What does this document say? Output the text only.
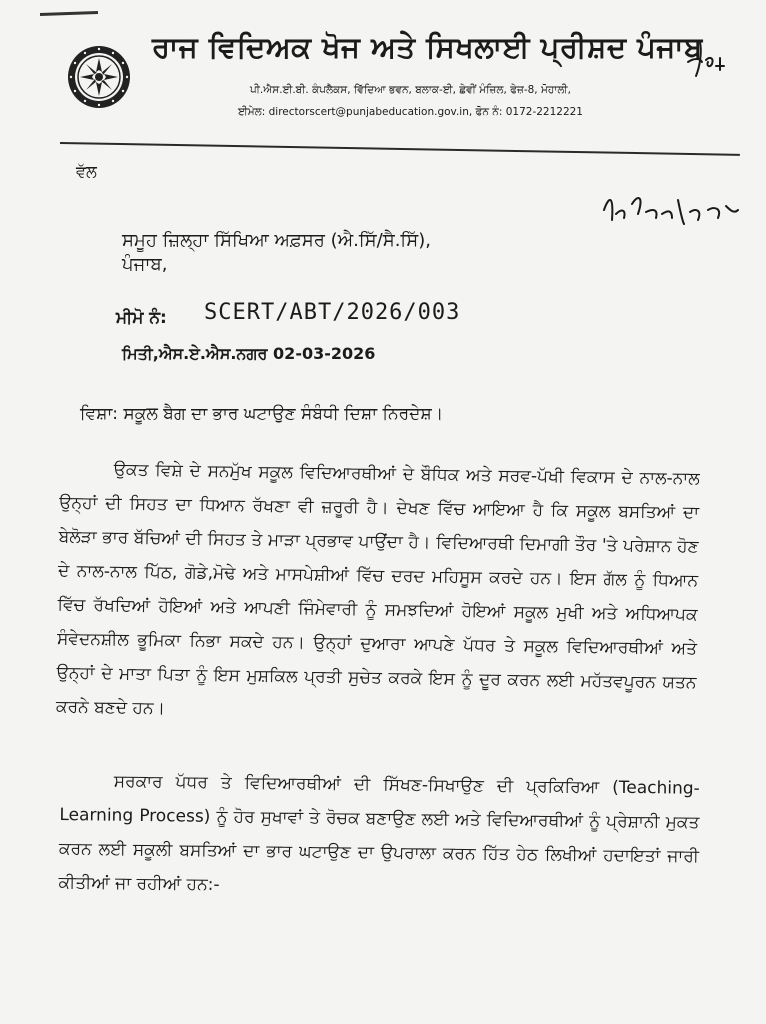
ਰਾਜ ਵਿਦਿਅਕ ਖੋਜ ਅਤੇ ਸਿਖਲਾਈ ਪ੍ਰੀਸ਼ਦ ਪੰਜਾਬ
ਪੀ.ਐਸ.ਈ.ਬੀ. ਕੰਪਲੈਕਸ, ਵਿੱਦਿਆ ਭਵਨ, ਬਲਾਕ-ਈ, ਛੇਵੀਂ ਮੰਜ਼ਿਲ, ਫੇਜ਼-8, ਮੋਹਾਲੀ,
ਈਮੇਲ: directorscert@punjabeducation.gov.in, ਫੋਨ ਨੰ: 0172-2212221
ਵੱਲ
ਸਮੂਹ ਜ਼ਿਲ੍ਹਾ ਸਿੱਖਿਆ ਅਫ਼ਸਰ (ਐ.ਸਿੱ/ਸੈ.ਸਿੱ),
ਪੰਜਾਬ,
ਮੀਮੋ ਨੰ: SCERT/ABT/2026/003
ਮਿਤੀ,ਐਸ.ਏ.ਐਸ.ਨਗਰ 02-03-2026
ਵਿਸ਼ਾ: ਸਕੂਲ ਬੈਗ ਦਾ ਭਾਰ ਘਟਾਉਣ ਸੰਬੰਧੀ ਦਿਸ਼ਾ ਨਿਰਦੇਸ਼।
ਉਕਤ ਵਿਸ਼ੇ ਦੇ ਸਨਮੁੱਖ ਸਕੂਲ ਵਿਦਿਆਰਥੀਆਂ ਦੇ ਬੌਧਿਕ ਅਤੇ ਸਰਵ-ਪੱਖੀ ਵਿਕਾਸ ਦੇ ਨਾਲ-ਨਾਲ ਉਨ੍ਹਾਂ ਦੀ ਸਿਹਤ ਦਾ ਧਿਆਨ ਰੱਖਣਾ ਵੀ ਜ਼ਰੂਰੀ ਹੈ। ਦੇਖਣ ਵਿੱਚ ਆਇਆ ਹੈ ਕਿ ਸਕੂਲ ਬਸਤਿਆਂ ਦਾ ਬੇਲੋੜਾ ਭਾਰ ਬੱਚਿਆਂ ਦੀ ਸਿਹਤ ਤੇ ਮਾੜਾ ਪ੍ਰਭਾਵ ਪਾਉਂਦਾ ਹੈ। ਵਿਦਿਆਰਥੀ ਦਿਮਾਗੀ ਤੌਰ 'ਤੇ ਪਰੇਸ਼ਾਨ ਹੋਣ ਦੇ ਨਾਲ-ਨਾਲ ਪਿੱਠ, ਗੋਡੇ,ਮੋਢੇ ਅਤੇ ਮਾਸਪੇਸ਼ੀਆਂ ਵਿੱਚ ਦਰਦ ਮਹਿਸੂਸ ਕਰਦੇ ਹਨ। ਇਸ ਗੱਲ ਨੂੰ ਧਿਆਨ ਵਿੱਚ ਰੱਖਦਿਆਂ ਹੋਇਆਂ ਅਤੇ ਆਪਣੀ ਜਿੰਮੇਵਾਰੀ ਨੂੰ ਸਮਝਦਿਆਂ ਹੋਇਆਂ ਸਕੂਲ ਮੁਖੀ ਅਤੇ ਅਧਿਆਪਕ ਸੰਵੇਦਨਸ਼ੀਲ ਭੂਮਿਕਾ ਨਿਭਾ ਸਕਦੇ ਹਨ। ਉਨ੍ਹਾਂ ਦੁਆਰਾ ਆਪਣੇ ਪੱਧਰ ਤੇ ਸਕੂਲ ਵਿਦਿਆਰਥੀਆਂ ਅਤੇ ਉਨ੍ਹਾਂ ਦੇ ਮਾਤਾ ਪਿਤਾ ਨੂੰ ਇਸ ਮੁਸ਼ਕਿਲ ਪ੍ਰਤੀ ਸੁਚੇਤ ਕਰਕੇ ਇਸ ਨੂੰ ਦੂਰ ਕਰਨ ਲਈ ਮਹੱਤਵਪੂਰਨ ਯਤਨ ਕਰਨੇ ਬਣਦੇ ਹਨ।
ਸਰਕਾਰ ਪੱਧਰ ਤੇ ਵਿਦਿਆਰਥੀਆਂ ਦੀ ਸਿੱਖਣ-ਸਿਖਾਉਣ ਦੀ ਪ੍ਰਕਿਰਿਆ (Teaching-Learning Process) ਨੂੰ ਹੋਰ ਸੁਖਾਵਾਂ ਤੇ ਰੋਚਕ ਬਣਾਉਣ ਲਈ ਅਤੇ ਵਿਦਿਆਰਥੀਆਂ ਨੂੰ ਪ੍ਰੇਸ਼ਾਨੀ ਮੁਕਤ ਕਰਨ ਲਈ ਸਕੂਲੀ ਬਸਤਿਆਂ ਦਾ ਭਾਰ ਘਟਾਉਣ ਦਾ ਉਪਰਾਲਾ ਕਰਨ ਹਿੱਤ ਹੇਠ ਲਿਖੀਆਂ ਹਦਾਇਤਾਂ ਜਾਰੀ ਕੀਤੀਆਂ ਜਾ ਰਹੀਆਂ ਹਨ:-
